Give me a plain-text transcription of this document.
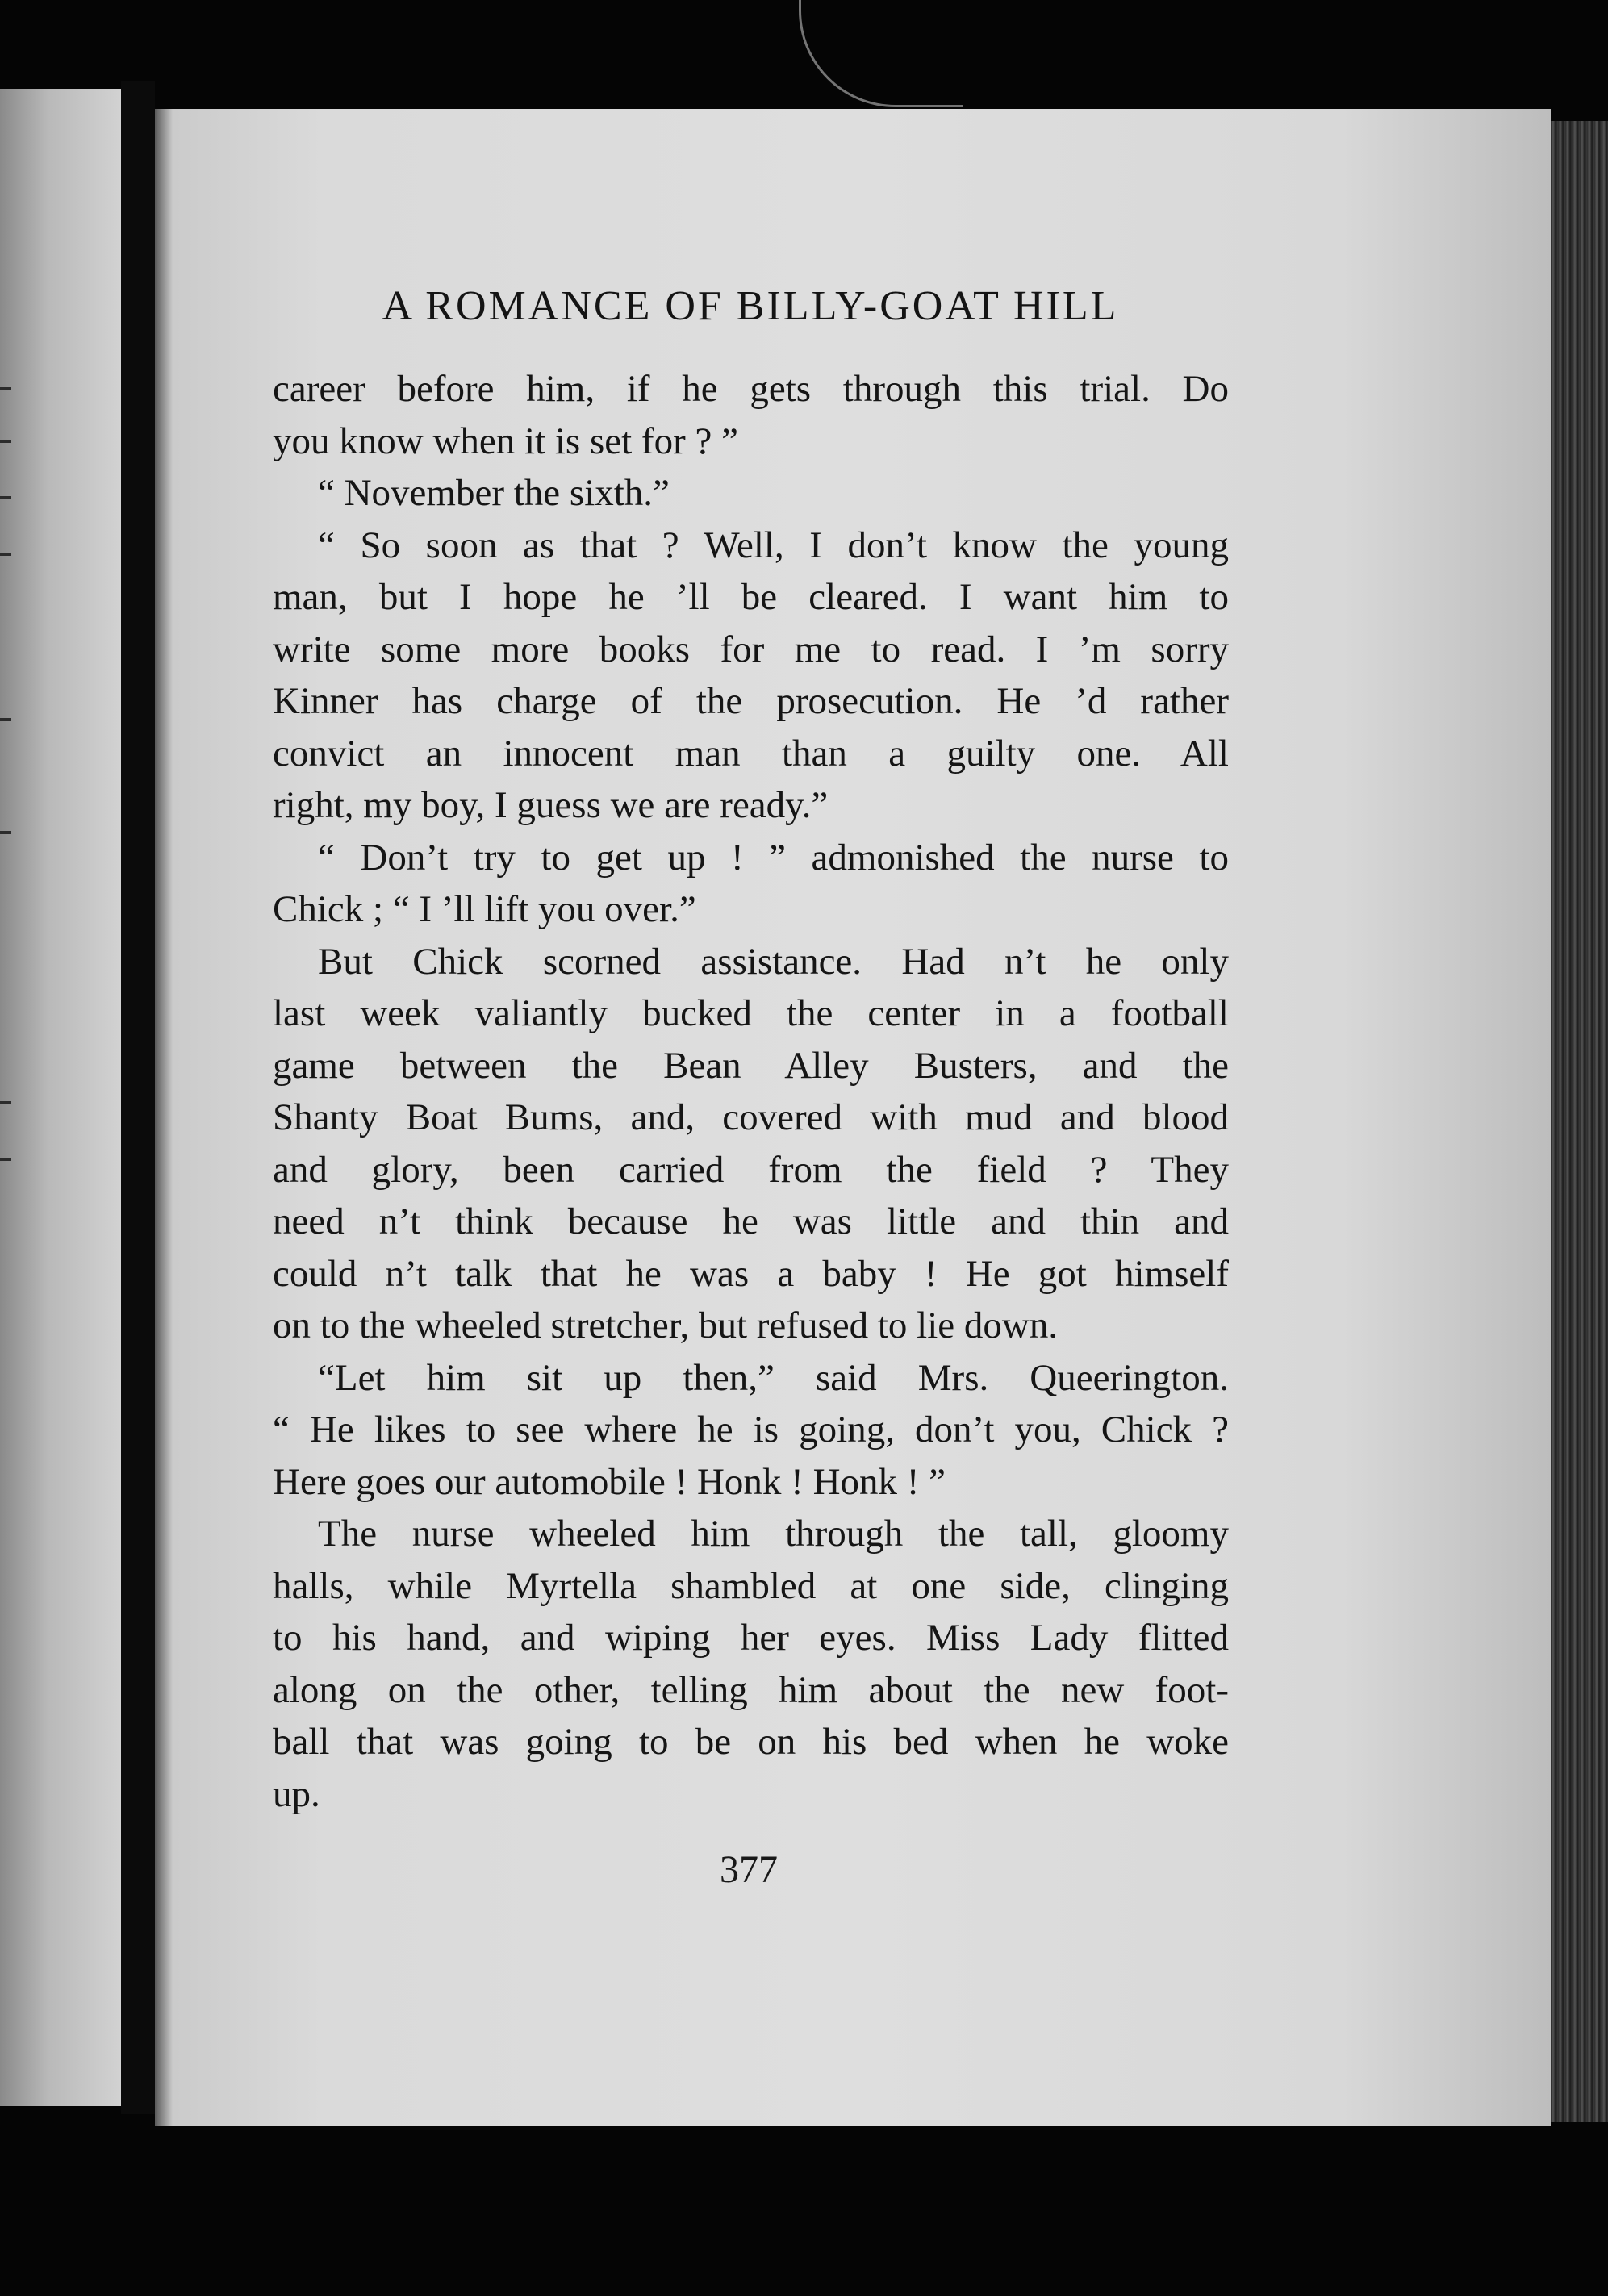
A ROMANCE OF BILLY-GOAT HILL
career before him, if he gets through this trial. Do
you know when it is set for ? ”
“ November the sixth.”
“ So soon as that ? Well, I don’t know the young
man, but I hope he ’ll be cleared. I want him to
write some more books for me to read. I ’m sorry
Kinner has charge of the prosecution. He ’d rather
convict an innocent man than a guilty one. All
right, my boy, I guess we are ready.”
“ Don’t try to get up ! ” admonished the nurse to
Chick ; “ I ’ll lift you over.”
But Chick scorned assistance. Had n’t he only
last week valiantly bucked the center in a football
game between the Bean Alley Busters, and the
Shanty Boat Bums, and, covered with mud and blood
and glory, been carried from the field ? They
need n’t think because he was little and thin and
could n’t talk that he was a baby ! He got himself
on to the wheeled stretcher, but refused to lie down.
“Let him sit up then,” said Mrs. Queerington.
“ He likes to see where he is going, don’t you, Chick ?
Here goes our automobile ! Honk ! Honk ! ”
The nurse wheeled him through the tall, gloomy
halls, while Myrtella shambled at one side, clinging
to his hand, and wiping her eyes. Miss Lady flitted
along on the other, telling him about the new foot-
ball that was going to be on his bed when he woke
up.
377
